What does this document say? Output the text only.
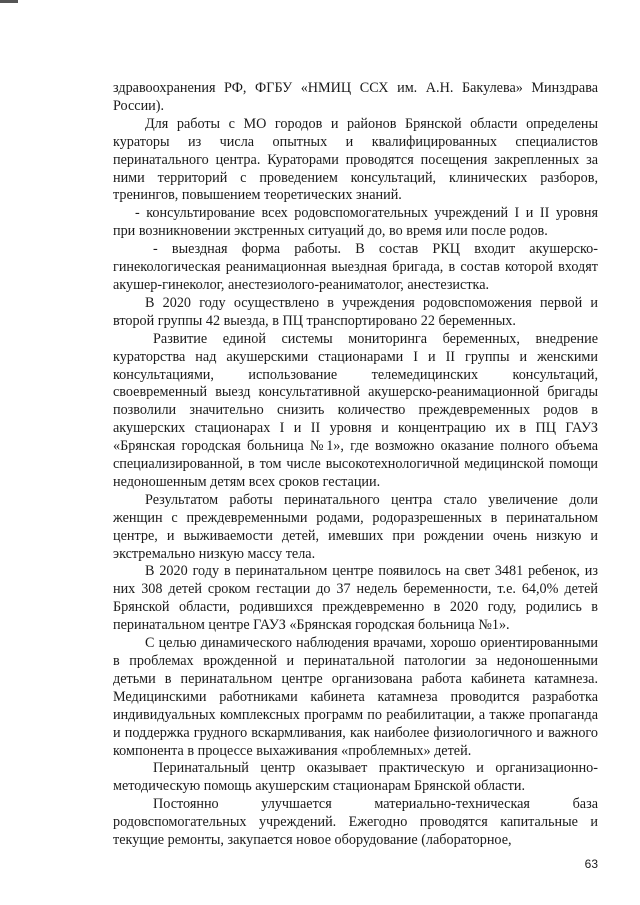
здравоохранения РФ, ФГБУ «НМИЦ ССХ им. А.Н. Бакулева» Минздрава России).

Для работы с МО городов и районов Брянской области определены кураторы из числа опытных и квалифицированных специалистов перинатального центра. Кураторами проводятся посещения закрепленных за ними территорий с проведением консультаций, клинических разборов, тренингов, повышением теоретических знаний.

- консультирование всех родовспомогательных учреждений I и II уровня при возникновении экстренных ситуаций до, во время или после родов.

- выездная форма работы. В состав РКЦ входит акушерско-гинекологическая реанимационная выездная бригада, в состав которой входят акушер-гинеколог, анестезиолого-реаниматолог, анестезистка.

В 2020 году осуществлено в учреждения родовспоможения первой и второй группы 42 выезда, в ПЦ транспортировано 22 беременных.

Развитие единой системы мониторинга беременных, внедрение кураторства над акушерскими стационарами I и II группы и женскими консультациями, использование телемедицинских консультаций, своевременный выезд консультативной акушерско-реанимационной бригады позволили значительно снизить количество преждевременных родов в акушерских стационарах I и II уровня и концентрацию их в ПЦ ГАУЗ «Брянская городская больница №1», где возможно оказание полного объема специализированной, в том числе высокотехнологичной медицинской помощи недоношенным детям всех сроков гестации.

Результатом работы перинатального центра стало увеличение доли женщин с преждевременными родами, родоразрешенных в перинатальном центре, и выживаемости детей, имевших при рождении очень низкую и экстремально низкую массу тела.

В 2020 году в перинатальном центре появилось на свет 3481 ребенок, из них 308 детей сроком гестации до 37 недель беременности, т.е. 64,0% детей Брянской области, родившихся преждевременно в 2020 году, родились в перинатальном центре ГАУЗ «Брянская городская больница №1».

С целью динамического наблюдения врачами, хорошо ориентированными в проблемах врожденной и перинатальной патологии за недоношенными детьми в перинатальном центре организована работа кабинета катамнеза. Медицинскими работниками кабинета катамнеза проводится разработка индивидуальных комплексных программ по реабилитации, а также пропаганда и поддержка грудного вскармливания, как наиболее физиологичного и важного компонента в процессе выхаживания «проблемных» детей.

Перинатальный центр оказывает практическую и организационно-методическую помощь акушерским стационарам Брянской области.

Постоянно улучшается материально-техническая база родовспомогательных учреждений. Ежегодно проводятся капитальные и текущие ремонты, закупается новое оборудование (лабораторное,

63
